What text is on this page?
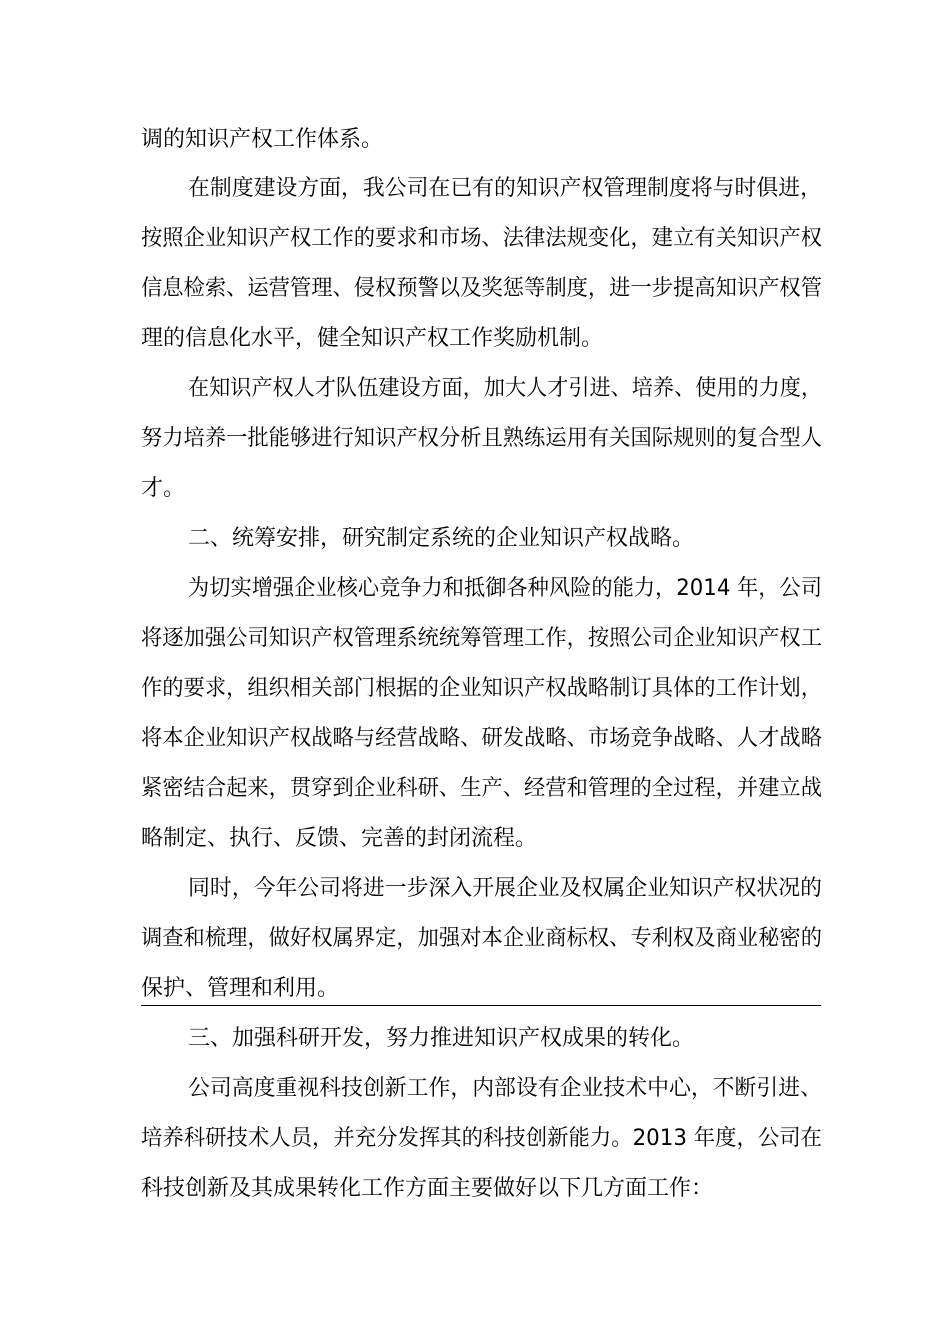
调的知识产权工作体系。
在制度建设方面，我公司在已有的知识产权管理制度将与时俱进，
按照企业知识产权工作的要求和市场、法律法规变化，建立有关知识产权
信息检索、运营管理、侵权预警以及奖惩等制度，进一步提高知识产权管
理的信息化水平，健全知识产权工作奖励机制。
在知识产权人才队伍建设方面，加大人才引进、培养、使用的力度，
努力培养一批能够进行知识产权分析且熟练运用有关国际规则的复合型人
才。
二、统筹安排，研究制定系统的企业知识产权战略。
为切实增强企业核心竞争力和抵御各种风险的能力，2014 年，公司
将逐加强公司知识产权管理系统统筹管理工作，按照公司企业知识产权工
作的要求，组织相关部门根据的企业知识产权战略制订具体的工作计划，
将本企业知识产权战略与经营战略、研发战略、市场竞争战略、人才战略
紧密结合起来，贯穿到企业科研、生产、经营和管理的全过程，并建立战
略制定、执行、反馈、完善的封闭流程。
同时，今年公司将进一步深入开展企业及权属企业知识产权状况的
调查和梳理，做好权属界定，加强对本企业商标权、专利权及商业秘密的
保护、管理和利用。
三、加强科研开发，努力推进知识产权成果的转化。
公司高度重视科技创新工作，内部设有企业技术中心，不断引进、
培养科研技术人员，并充分发挥其的科技创新能力。2013 年度，公司在
科技创新及其成果转化工作方面主要做好以下几方面工作：
